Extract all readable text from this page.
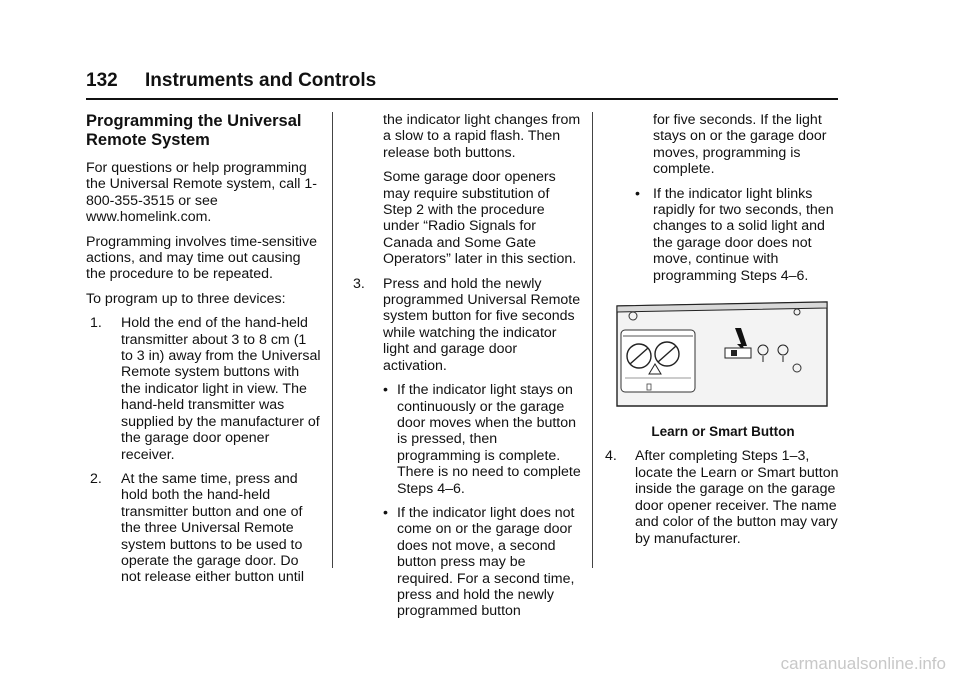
132 Instruments and Controls
Programming the Universal
Remote System

For questions or help programming the Universal Remote system, call 1-800-355-3515 or see www.homelink.com.

Programming involves time-sensitive actions, and may time out causing the procedure to be repeated.

To program up to three devices:

1. Hold the end of the hand-held transmitter about 3 to 8 cm (1 to 3 in) away from the Universal Remote system buttons with the indicator light in view. The hand-held transmitter was supplied by the manufacturer of the garage door opener receiver.
2. At the same time, press and hold both the hand-held transmitter button and one of the three Universal Remote system buttons to be used to operate the garage door. Do not release either button until

the indicator light changes from a slow to a rapid flash. Then release both buttons.

Some garage door openers may require substitution of Step 2 with the procedure under “Radio Signals for Canada and Some Gate Operators” later in this section.

3. Press and hold the newly programmed Universal Remote system button for five seconds while watching the indicator light and garage door activation.
• If the indicator light stays on continuously or the garage door moves when the button is pressed, then programming is complete. There is no need to complete Steps 4–6.
• If the indicator light does not come on or the garage door does not move, a second button press may be required. For a second time, press and hold the newly programmed button

for five seconds. If the light stays on or the garage door moves, programming is complete.

• If the indicator light blinks rapidly for two seconds, then changes to a solid light and the garage door does not move, continue with programming Steps 4–6.

Learn or Smart Button

4. After completing Steps 1–3, locate the Learn or Smart button inside the garage on the garage door opener receiver. The name and color of the button may vary by manufacturer.
carmanualsonline.info
